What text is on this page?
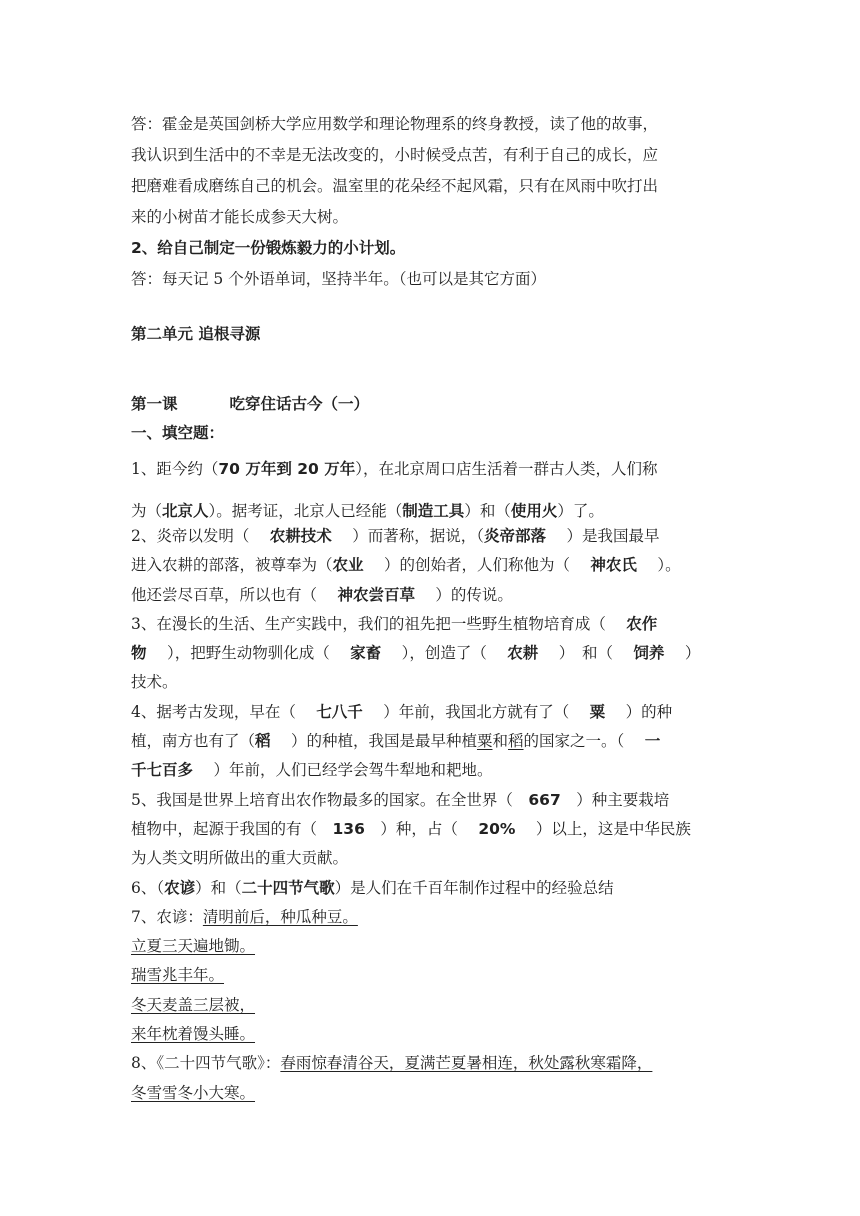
答：霍金是英国剑桥大学应用数学和理论物理系的终身教授，读了他的故事，

我认识到生活中的不幸是无法改变的，小时候受点苦，有利于自己的成长，应

把磨难看成磨练自己的机会。温室里的花朵经不起风霜，只有在风雨中吹打出

来的小树苗才能长成参天大树。

2、给自己制定一份锻炼毅力的小计划。

答：每天记 5 个外语单词，坚持半年。（也可以是其它方面）

第二单元 追根寻源

第一课	吃穿住话古今（一）

一、填空题：

1、距今约（70 万年到 20 万年），在北京周口店生活着一群古人类，人们称

为（北京人）。据考证，北京人已经能（制造工具）和（使用火）了。

2、炎帝以发明（　 农耕技术　 ）而著称，据说，（炎帝部落　 ）是我国最早

进入农耕的部落，被尊奉为（农业　 ）的创始者，人们称他为（　 神农氏　 ）。

他还尝尽百草，所以也有（　 神农尝百草　 ）的传说。

3、在漫长的生活、生产实践中，我们的祖先把一些野生植物培育成（　 农作

物　 ），把野生动物驯化成（　 家畜　 ），创造了（　 农耕　 ）　和（　 饲养　 ）

技术。

4、据考古发现，早在（　 七八千　 ）年前，我国北方就有了（　 粟　 ）的种

植，南方也有了（稻　 ）的种植，我国是最早种植粟和稻的国家之一。（　 一

千七百多　 ）年前，人们已经学会驾牛犁地和耙地。

5、我国是世界上培育出农作物最多的国家。在全世界（　667　）种主要栽培

植物中，起源于我国的有（　136　）种，占（　 20%　 ）以上，这是中华民族

为人类文明所做出的重大贡献。

6、（农谚）和（二十四节气歌）是人们在千百年制作过程中的经验总结

7、农谚：清明前后，种瓜种豆。

立夏三天遍地锄。

瑞雪兆丰年。

冬天麦盖三层被，

来年枕着馒头睡。

8、《二十四节气歌》：春雨惊春清谷天，夏满芒夏暑相连，秋处露秋寒霜降，

冬雪雪冬小大寒。
